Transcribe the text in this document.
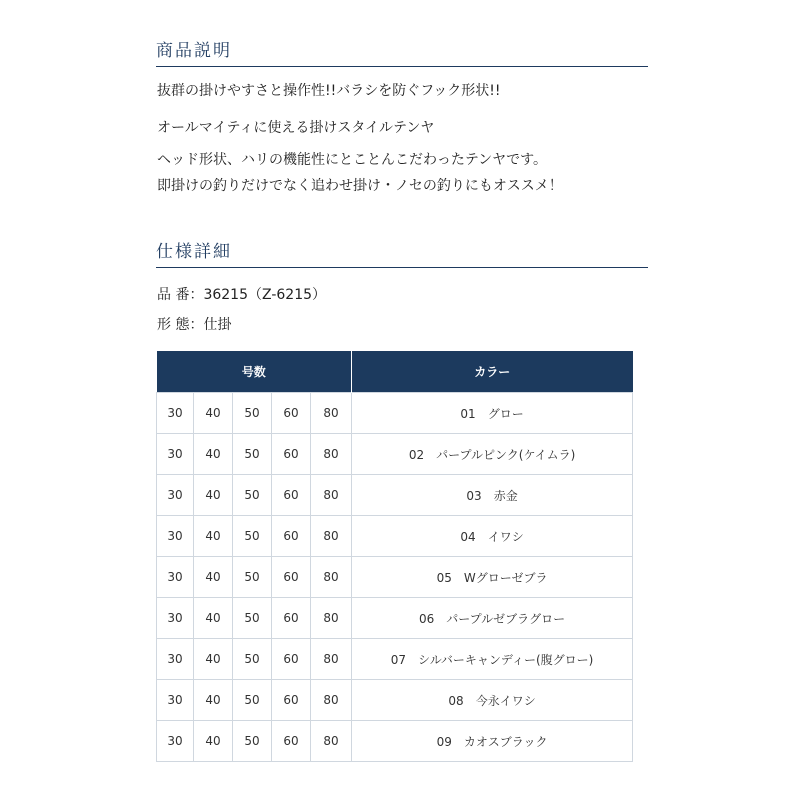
商品説明
抜群の掛けやすさと操作性!!バラシを防ぐフック形状!!
オールマイティに使える掛けスタイルテンヤ
ヘッド形状、ハリの機能性にとことんこだわったテンヤです。
即掛けの釣りだけでなく追わせ掛け・ノセの釣りにもオススメ！
仕様詳細
品 番：36215（Z-6215）
形 態：仕掛
号数					カラー
30	40	50	60	80	01　グロー
30	40	50	60	80	02　パープルピンク(ケイムラ)
30	40	50	60	80	03　赤金
30	40	50	60	80	04　イワシ
30	40	50	60	80	05　Wグローゼブラ
30	40	50	60	80	06　パープルゼブラグロー
30	40	50	60	80	07　シルバーキャンディー(腹グロー)
30	40	50	60	80	08　今永イワシ
30	40	50	60	80	09　カオスブラック
